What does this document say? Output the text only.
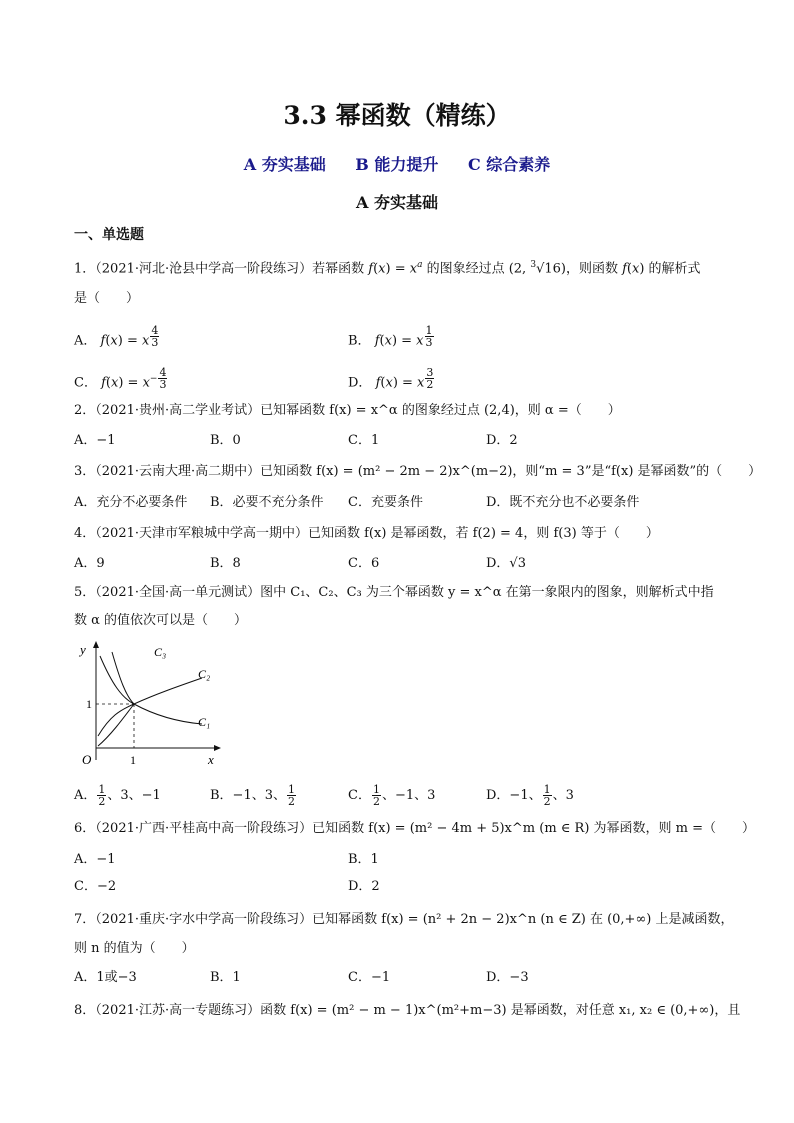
3.3 幂函数（精练）
A 夯实基础 B 能力提升 C 综合素养
A 夯实基础
一、单选题
1．（2021·河北·沧县中学高一阶段练习）若幂函数 $f(x) = x^a$ 的图象经过点 (2, $^3$√16)，则函数 f(x) 的解析式
是（　　）
A． f(x) = x $^{\frac{4}{3}}$	B． f(x) = x $^{\frac{1}{3}}$
C． $f(x) = x^{- \frac{4}{3}}$	D． f(x) = x $^{\frac{3}{2}}$
2．（2021·贵州·高二学业考试）已知幂函数 f(x) = x^α 的图象经过点 (2,4)，则 α =（　　）
A．−1	B．0	C．1	D．2
3．（2021·云南大理·高二期中）已知函数 f(x) = (m² − 2m − 2)x^(m−2)，则“m = 3”是“f(x) 是幂函数”的（　　）
A．充分不必要条件 B．必要不充分条件 C．充要条件	D．既不充分也不必要条件
4．（2021·天津市军粮城中学高一期中）已知函数 f(x) 是幂函数，若 f(2) = 4，则 f(3) 等于（　　）
A．9	B．8	C．6	D．√3
5．（2021·全国·高一单元测试）图中 C₁、C₂、C₃ 为三个幂函数 y = x^α 在第一象限内的图象，则解析式中指
数 α 的值依次可以是（　　）
y
x
O	1
1
C₃
C₂
C₁
A． $\frac{1}{2}$ 、3、−1	B．−1、3、 $\frac{1}{2}$	C． $\frac{1}{2}$ 、−1、3	D．−1、 $\frac{1}{2}$ 、3
6．（2021·广西·平桂高中高一阶段练习）已知函数 f(x) = (m² − 4m + 5)x^m (m ∈ R) 为幂函数，则 m =（　　）
A．−1	B．1
C．−2	D．2
7．（2021·重庆·字水中学高一阶段练习）已知幂函数 f(x) = (n² + 2n − 2)x^n (n ∈ Z) 在 (0,+∞) 上是减函数，
则 n 的值为（　　）
A．1或−3	B．1	C．−1	D．−3
8．（2021·江苏·高一专题练习）函数 f(x) = (m² − m − 1)x^(m²+m−3) 是幂函数，对任意 x₁, x₂ ∈ (0,+∞)，且
